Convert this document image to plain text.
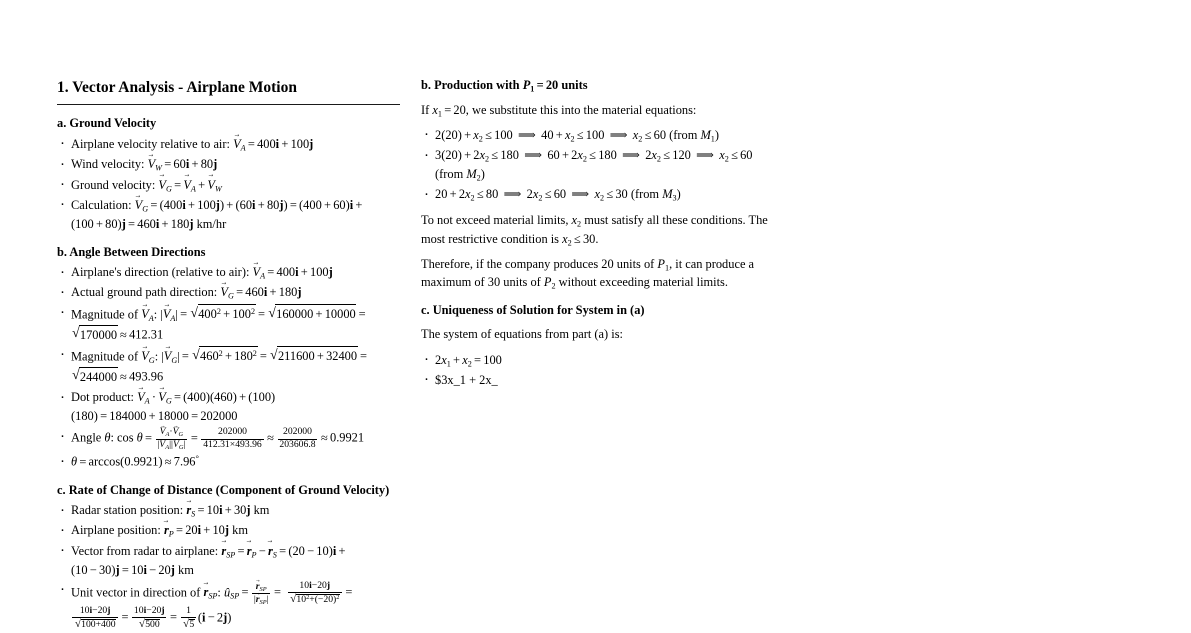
1. Vector Analysis - Airplane Motion
a. Ground Velocity
· Airplane velocity relative to air: $V \to_A = 400i + 100j$
· Wind velocity: $V \to_W = 60i + 80j$
· Ground velocity: $V \to_G = V \to_A + V \to_W$
· Calculation: $V \to_G = (400i + 100j) + (60i + 80j) = (400 + 60)i +(100 + 80)j = 460i + 180j$ km/hr
b. Angle Between Directions
· Airplane's direction (relative to air): $V \to_A = 400i + 100j$
· Actual ground path direction: $V \to_G = 460i + 180j$
· Magnitude of $V \to_A$: $|V \to_A|$ = √ $400^2 + 100^2$ = √ 160000 + 10000 =√ 170000 ≈ 412.31
· Magnitude of $V \to_G$: $|V \to_G|$ = √ $460^2 + 180^2$ = √ 211600 + 32400 =√ 244000 ≈ 493.96
· Dot product: $V \to_A \cdot V \to_G = (400)(460) + (100)(180) = 184000 + 18000 = 202000$
· Angle θ: $\cos \theta = \frac{V \to_A\cdot V \to_G}{|V_A||V_G|} = \frac{202000}{412.31\times 493.96} \approx \frac{202000}{203606.8} \approx 0.9921$
· θ = arccos(0.9921) ≈ 7.96°
c. Rate of Change of Distance (Component of Ground Velocity)
· Radar station position: $r \to_S = 10i + 30j$ km
· Airplane position: $r \to_P = 20i + 10j$ km
· Vector from radar to airplane: $r \to_{SP} = r \to_P - r \to_S = (20 - 10)i +(10 - 30)j = 10i - 20j$ km
· Unit vector in direction of $r \to_{SP}$: $û_{SP} = \frac{r \to_{SP}}{|r \to_{SP}|} = 10i-20j$
√ $10^2+(-20)^2$ =
10i−20j
√ 100+400 = 10i−20j
√ 500 = 1
√ 5 (i − 2j)
b. Production with $P_1 = 20$ units

If $x_1 = 20$, we substitute this into the material equations:

· $2(20) + x_2 \le 100$ ⟹ $40 + x_2 \le 100$ ⟹ $x_2 \le 60$ (from $M_1$)
· $3(20) + 2x_2 \le 180$ ⟹ $60 + 2x_2 \le 180$ ⟹ $2x_2 \le 120$ ⟹ $x_2 \le 60$ (from $M_2$)
· $20 + 2x_2 \le 80$ ⟹ $2x_2 \le 60$ ⟹ $x_2 \le 30$ (from $M_3$)

To not exceed material limits, $x_2$ must satisfy all these conditions. The most restrictive condition is $x_2 \le 30$.

Therefore, if the company produces 20 units of $P_1$, it can produce a maximum of 30 units of $P_2$ without exceeding material limits.

c. Uniqueness of Solution for System in (a)

The system of equations from part (a) is:

· $2x_1 + x_2 = 100$
· $3x_1 + 2x_
